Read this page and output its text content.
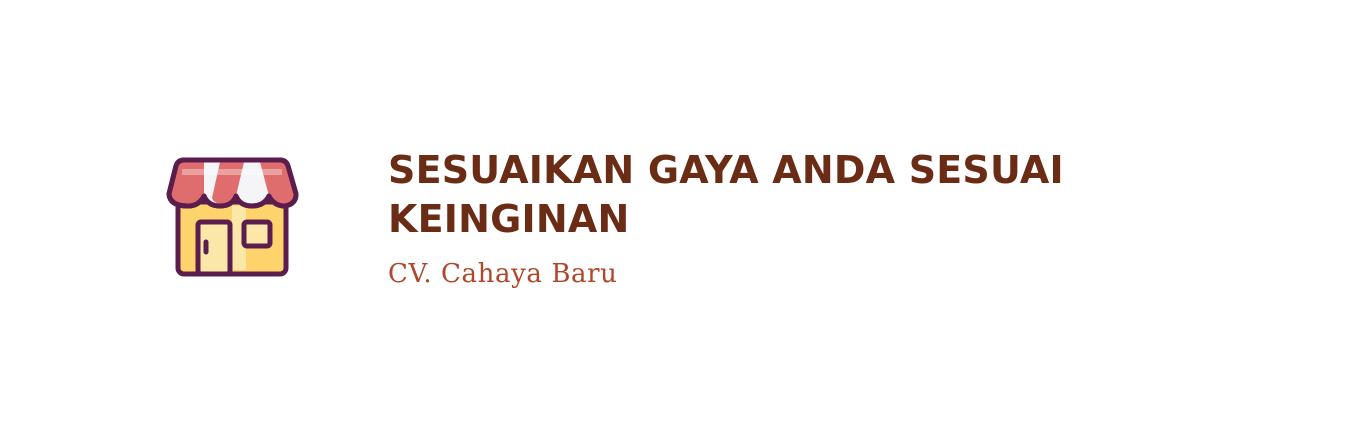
SESUAIKAN GAYA ANDA SESUAI KEINGINAN

CV. Cahaya Baru
